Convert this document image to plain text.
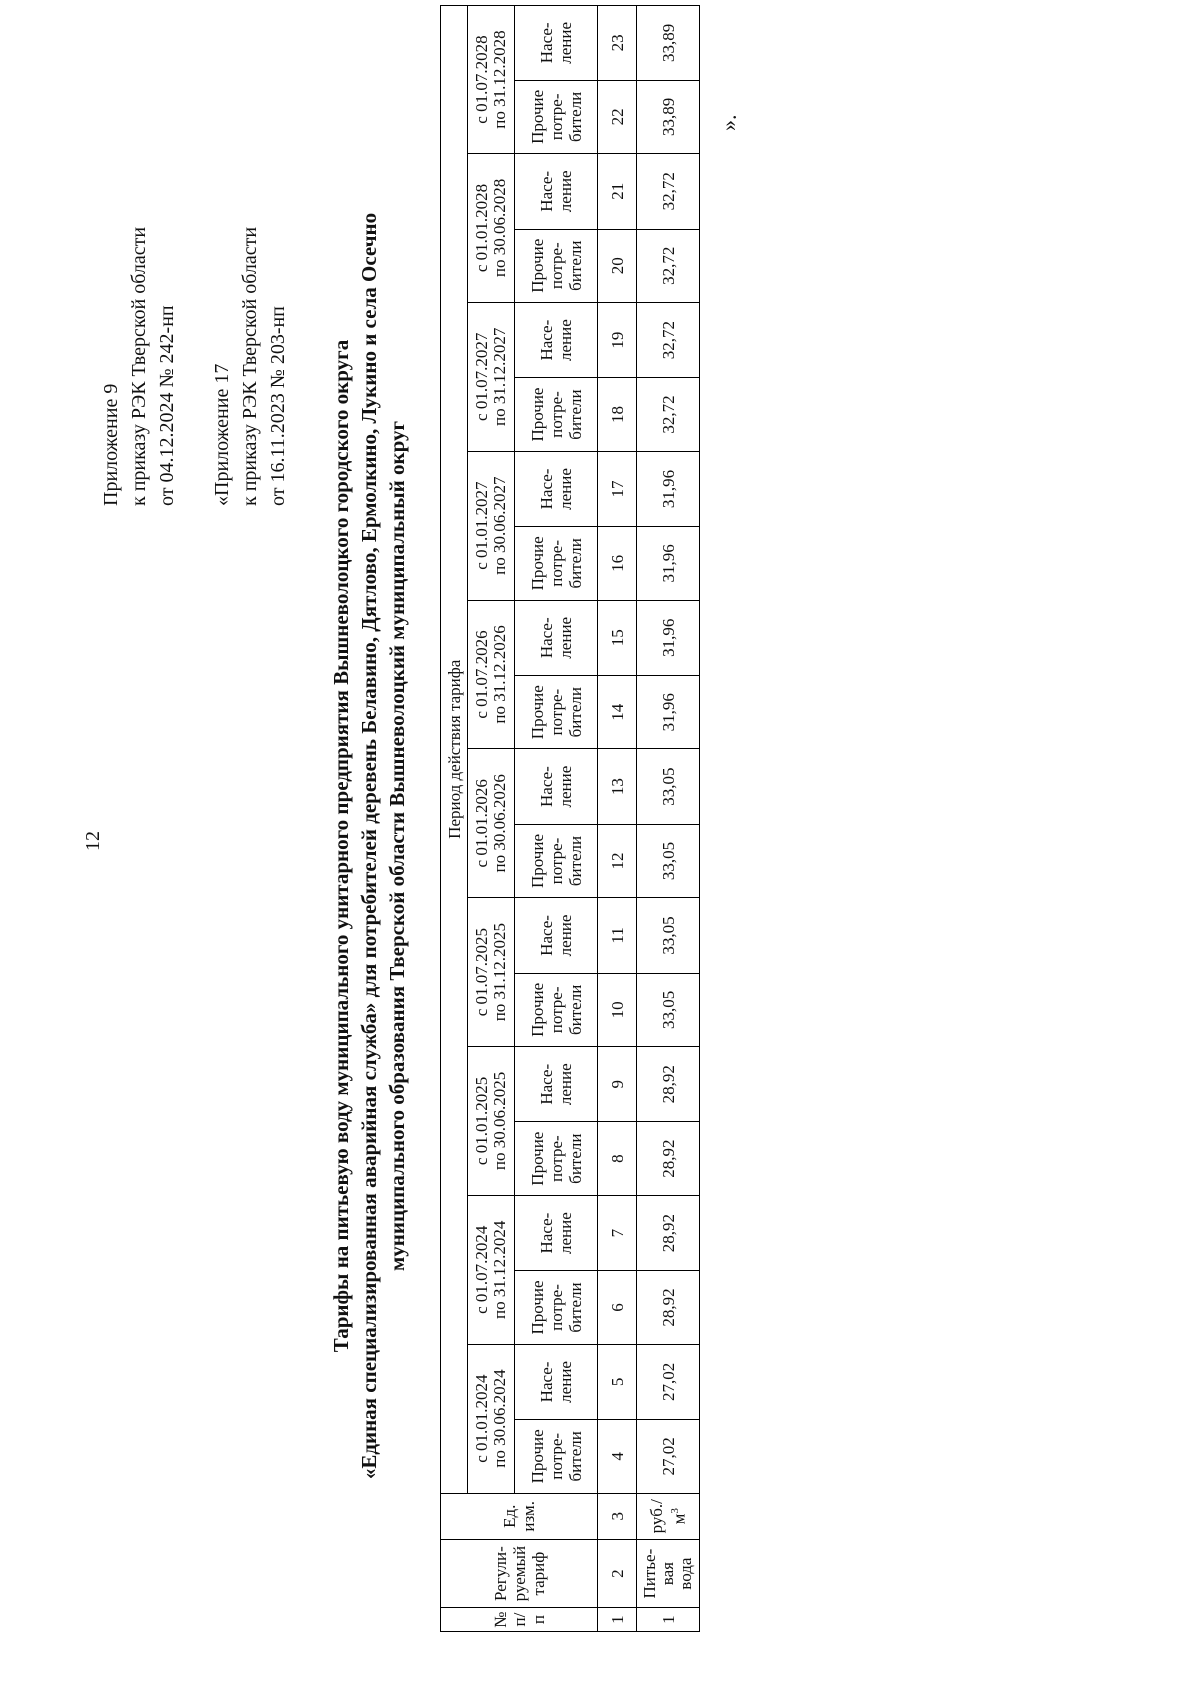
12
Приложение 9 к приказу РЭК Тверской области от 04.12.2024 № 242-нп «Приложение 17 к приказу РЭК Тверской области от 16.11.2023 № 203-нп Тарифы на питьевую воду муниципального унитарного предприятия Вышневолоцкого городского округа «Единая специализированная аварийная служба» для потребителей деревень Белавино, Дятлово, Ермолкино, Лукино и села Осечно муниципального образования Тверской области Вышневолоцкий муниципальный округ
№ п/п	Регули-
руемый
тариф	Ед.
изм.	Период действия тарифа																			

			с 01.01.2024
по 30.06.2024		с 01.07.2024
по 31.12.2024		с 01.01.2025
по 30.06.2025		с 01.07.2025
по 31.12.2025		с 01.01.2026
по 30.06.2026		с 01.07.2026
по 31.12.2026		с 01.01.2027
по 30.06.2027		с 01.07.2027
по 31.12.2027		с 01.01.2028
по 30.06.2028		с 01.07.2028
по 31.12.2028	

			Прочие
потре-
бители	Насе-
ление	Прочие
потре-
бители	Насе-
ление	Прочие
потре-
бители	Насе-
ление	Прочие
потре-
бители	Насе-
ление	Прочие
потре-
бители	Насе-
ление	Прочие
потре-
бители	Насе-
ление	Прочие
потре-
бители	Насе-
ление	Прочие
потре-
бители	Насе-
ление	Прочие
потре-
бители	Насе-
ление	Прочие
потре-
бители	Насе-
ление

1	2	3	4	5	6	7	8	9	10	11	12	13	14	15	16	17	18	19	20	21	22	23
1	Питье-
вая
вода	руб./
$м^3$	27,02	27,02	28,92	28,92	28,92	28,92	33,05	33,05	33,05	33,05	31,96	31,96	31,96	31,96	32,72	32,72	32,72	32,72	33,89	33,89
».
